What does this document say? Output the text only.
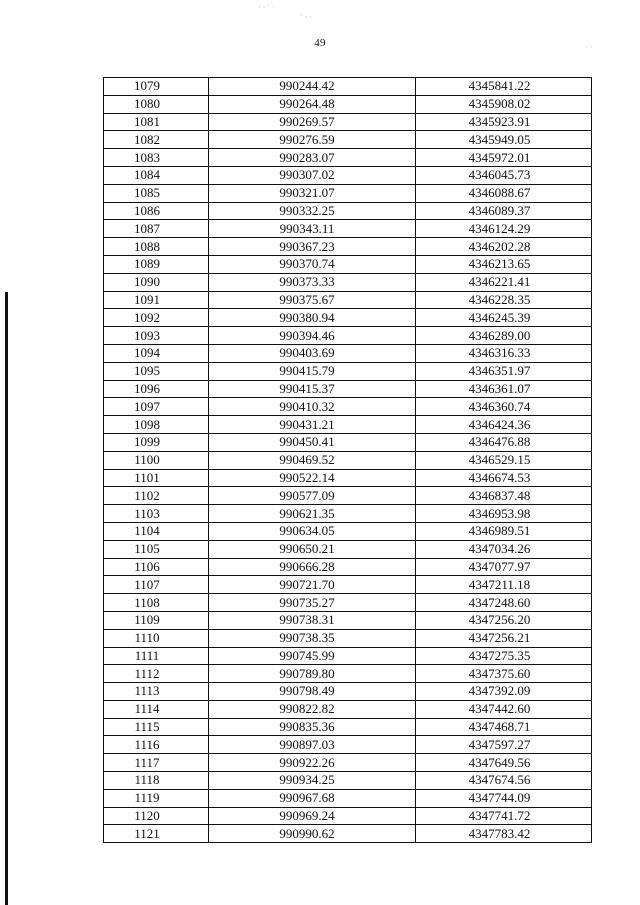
49
· · ˙ ·
˙ · ·
· ·
1079	990244.42	4345841.22
1080	990264.48	4345908.02
1081	990269.57	4345923.91
1082	990276.59	4345949.05
1083	990283.07	4345972.01
1084	990307.02	4346045.73
1085	990321.07	4346088.67
1086	990332.25	4346089.37
1087	990343.11	4346124.29
1088	990367.23	4346202.28
1089	990370.74	4346213.65
1090	990373.33	4346221.41
1091	990375.67	4346228.35
1092	990380.94	4346245.39
1093	990394.46	4346289.00
1094	990403.69	4346316.33
1095	990415.79	4346351.97
1096	990415.37	4346361.07
1097	990410.32	4346360.74
1098	990431.21	4346424.36
1099	990450.41	4346476.88
1100	990469.52	4346529.15
1101	990522.14	4346674.53
1102	990577.09	4346837.48
1103	990621.35	4346953.98
1104	990634.05	4346989.51
1105	990650.21	4347034.26
1106	990666.28	4347077.97
1107	990721.70	4347211.18
1108	990735.27	4347248.60
1109	990738.31	4347256.20
1110	990738.35	4347256.21
1111	990745.99	4347275.35
1112	990789.80	4347375.60
1113	990798.49	4347392.09
1114	990822.82	4347442.60
1115	990835.36	4347468.71
1116	990897.03	4347597.27
1117	990922.26	4347649.56
1118	990934.25	4347674.56
1119	990967.68	4347744.09
1120	990969.24	4347741.72
1121	990990.62	4347783.42
